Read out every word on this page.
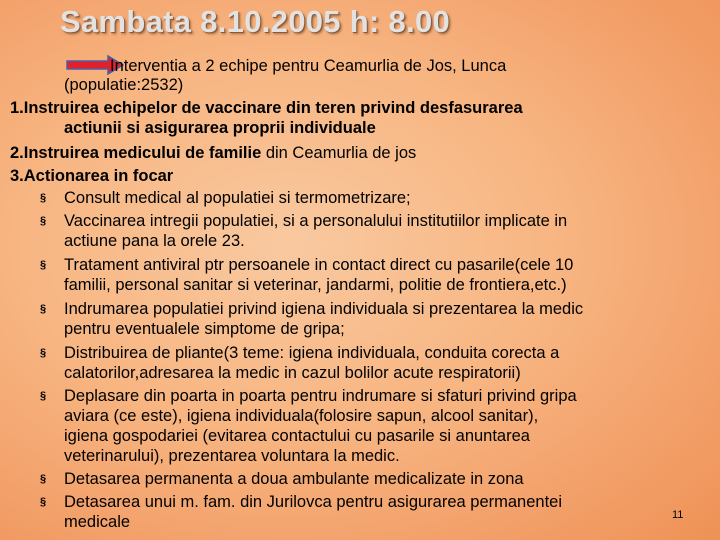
Sambata 8.10.2005 h: 8.00
Interventia a 2 echipe pentru Ceamurlia de Jos, Lunca
(populatie:2532)
1.Instruirea echipelor de vaccinare din teren privind desfasurarea
actiunii si asigurarea proprii individuale
2.Instruirea medicului de familie din Ceamurlia de jos
3.Actionarea in focar
§ Consult medical al populatiei si termometrizare;
§ Vaccinarea intregii populatiei, si a personalului institutiilor implicate in
actiune pana la orele 23.
§ Tratament antiviral ptr persoanele in contact direct cu pasarile(cele 10
familii, personal sanitar si veterinar, jandarmi, politie de frontiera,etc.)
§ Indrumarea populatiei privind igiena individuala si prezentarea la medic
pentru eventualele simptome de gripa;
§ Distribuirea de pliante(3 teme: igiena individuala, conduita corecta a
calatorilor,adresarea la medic in cazul bolilor acute respiratorii)
§ Deplasare din poarta in poarta pentru indrumare si sfaturi privind gripa
aviara (ce este), igiena individuala(folosire sapun, alcool sanitar),
igiena gospodariei (evitarea contactului cu pasarile si anuntarea
veterinarului), prezentarea voluntara la medic.
§ Detasarea permanenta a doua ambulante medicalizate in zona
§ Detasarea unui m. fam. din Jurilovca pentru asigurarea permanentei
medicale	11
